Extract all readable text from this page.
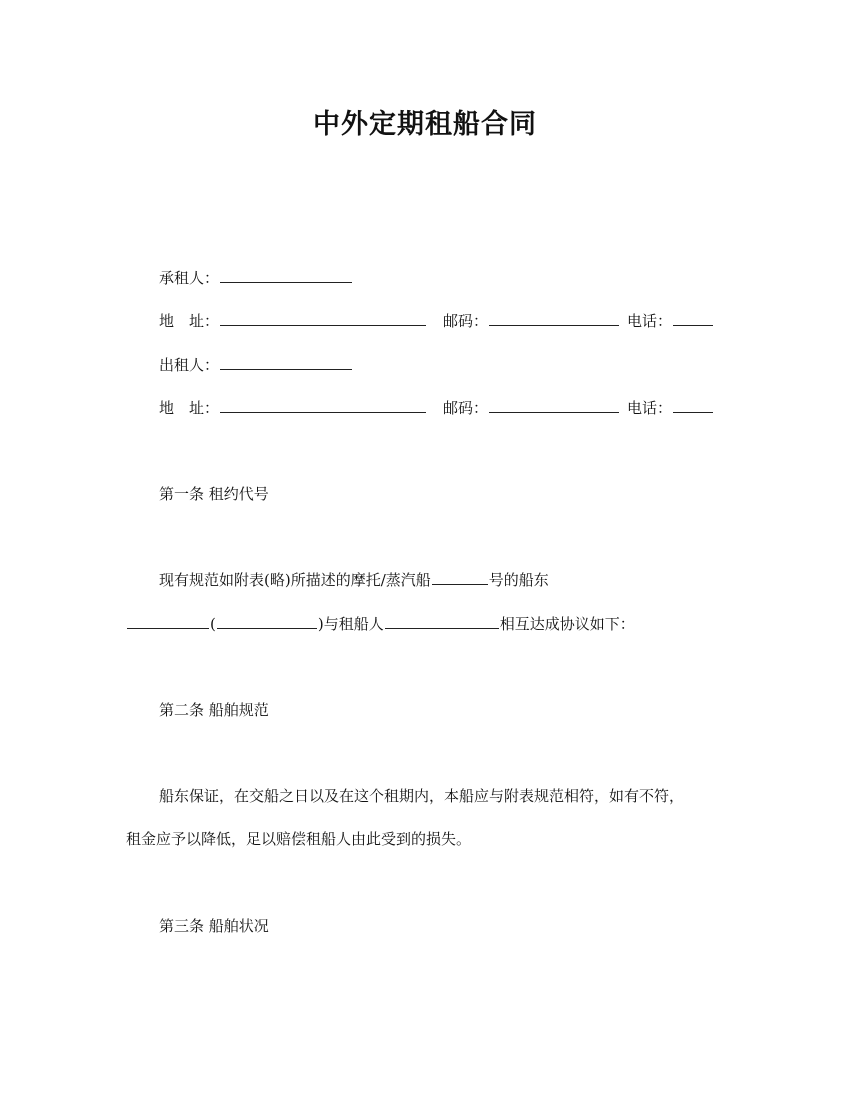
中外定期租船合同
承租人：
地　址：	邮码：	电话：
出租人：
地　址：	邮码：	电话：
第一条 租约代号
现有规范如附表(略)所描述的摩托/蒸汽船	号的船东
(	)与租船人	相互达成协议如下：
第二条 船舶规范
船东保证，在交船之日以及在这个租期内，本船应与附表规范相符，如有不符，
租金应予以降低，足以赔偿租船人由此受到的损失。
第三条 船舶状况
